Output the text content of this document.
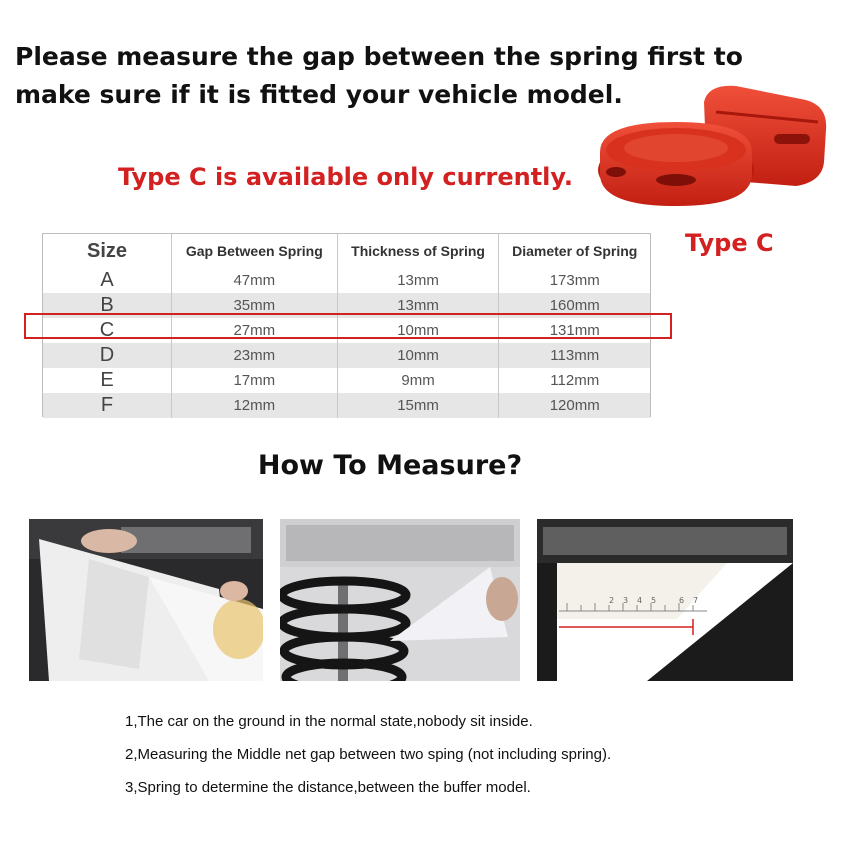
Please measure the gap between the spring first to make sure if it is fitted your vehicle model.

Type C is available only currently.

Type C
Size	Gap Between Spring	Thickness of Spring	Diameter of Spring
A	47mm	13mm	173mm
B	35mm	13mm	160mm
C	27mm	10mm	131mm
D	23mm	10mm	113mm
E	17mm	9mm	112mm
F	12mm	15mm	120mm
How To Measure?
2 3 4 5	6 7
1,The car on the ground in the normal state,nobody sit inside.
2,Measuring the Middle net gap between two sping (not including spring).
3,Spring to determine the distance,between the buffer model.
